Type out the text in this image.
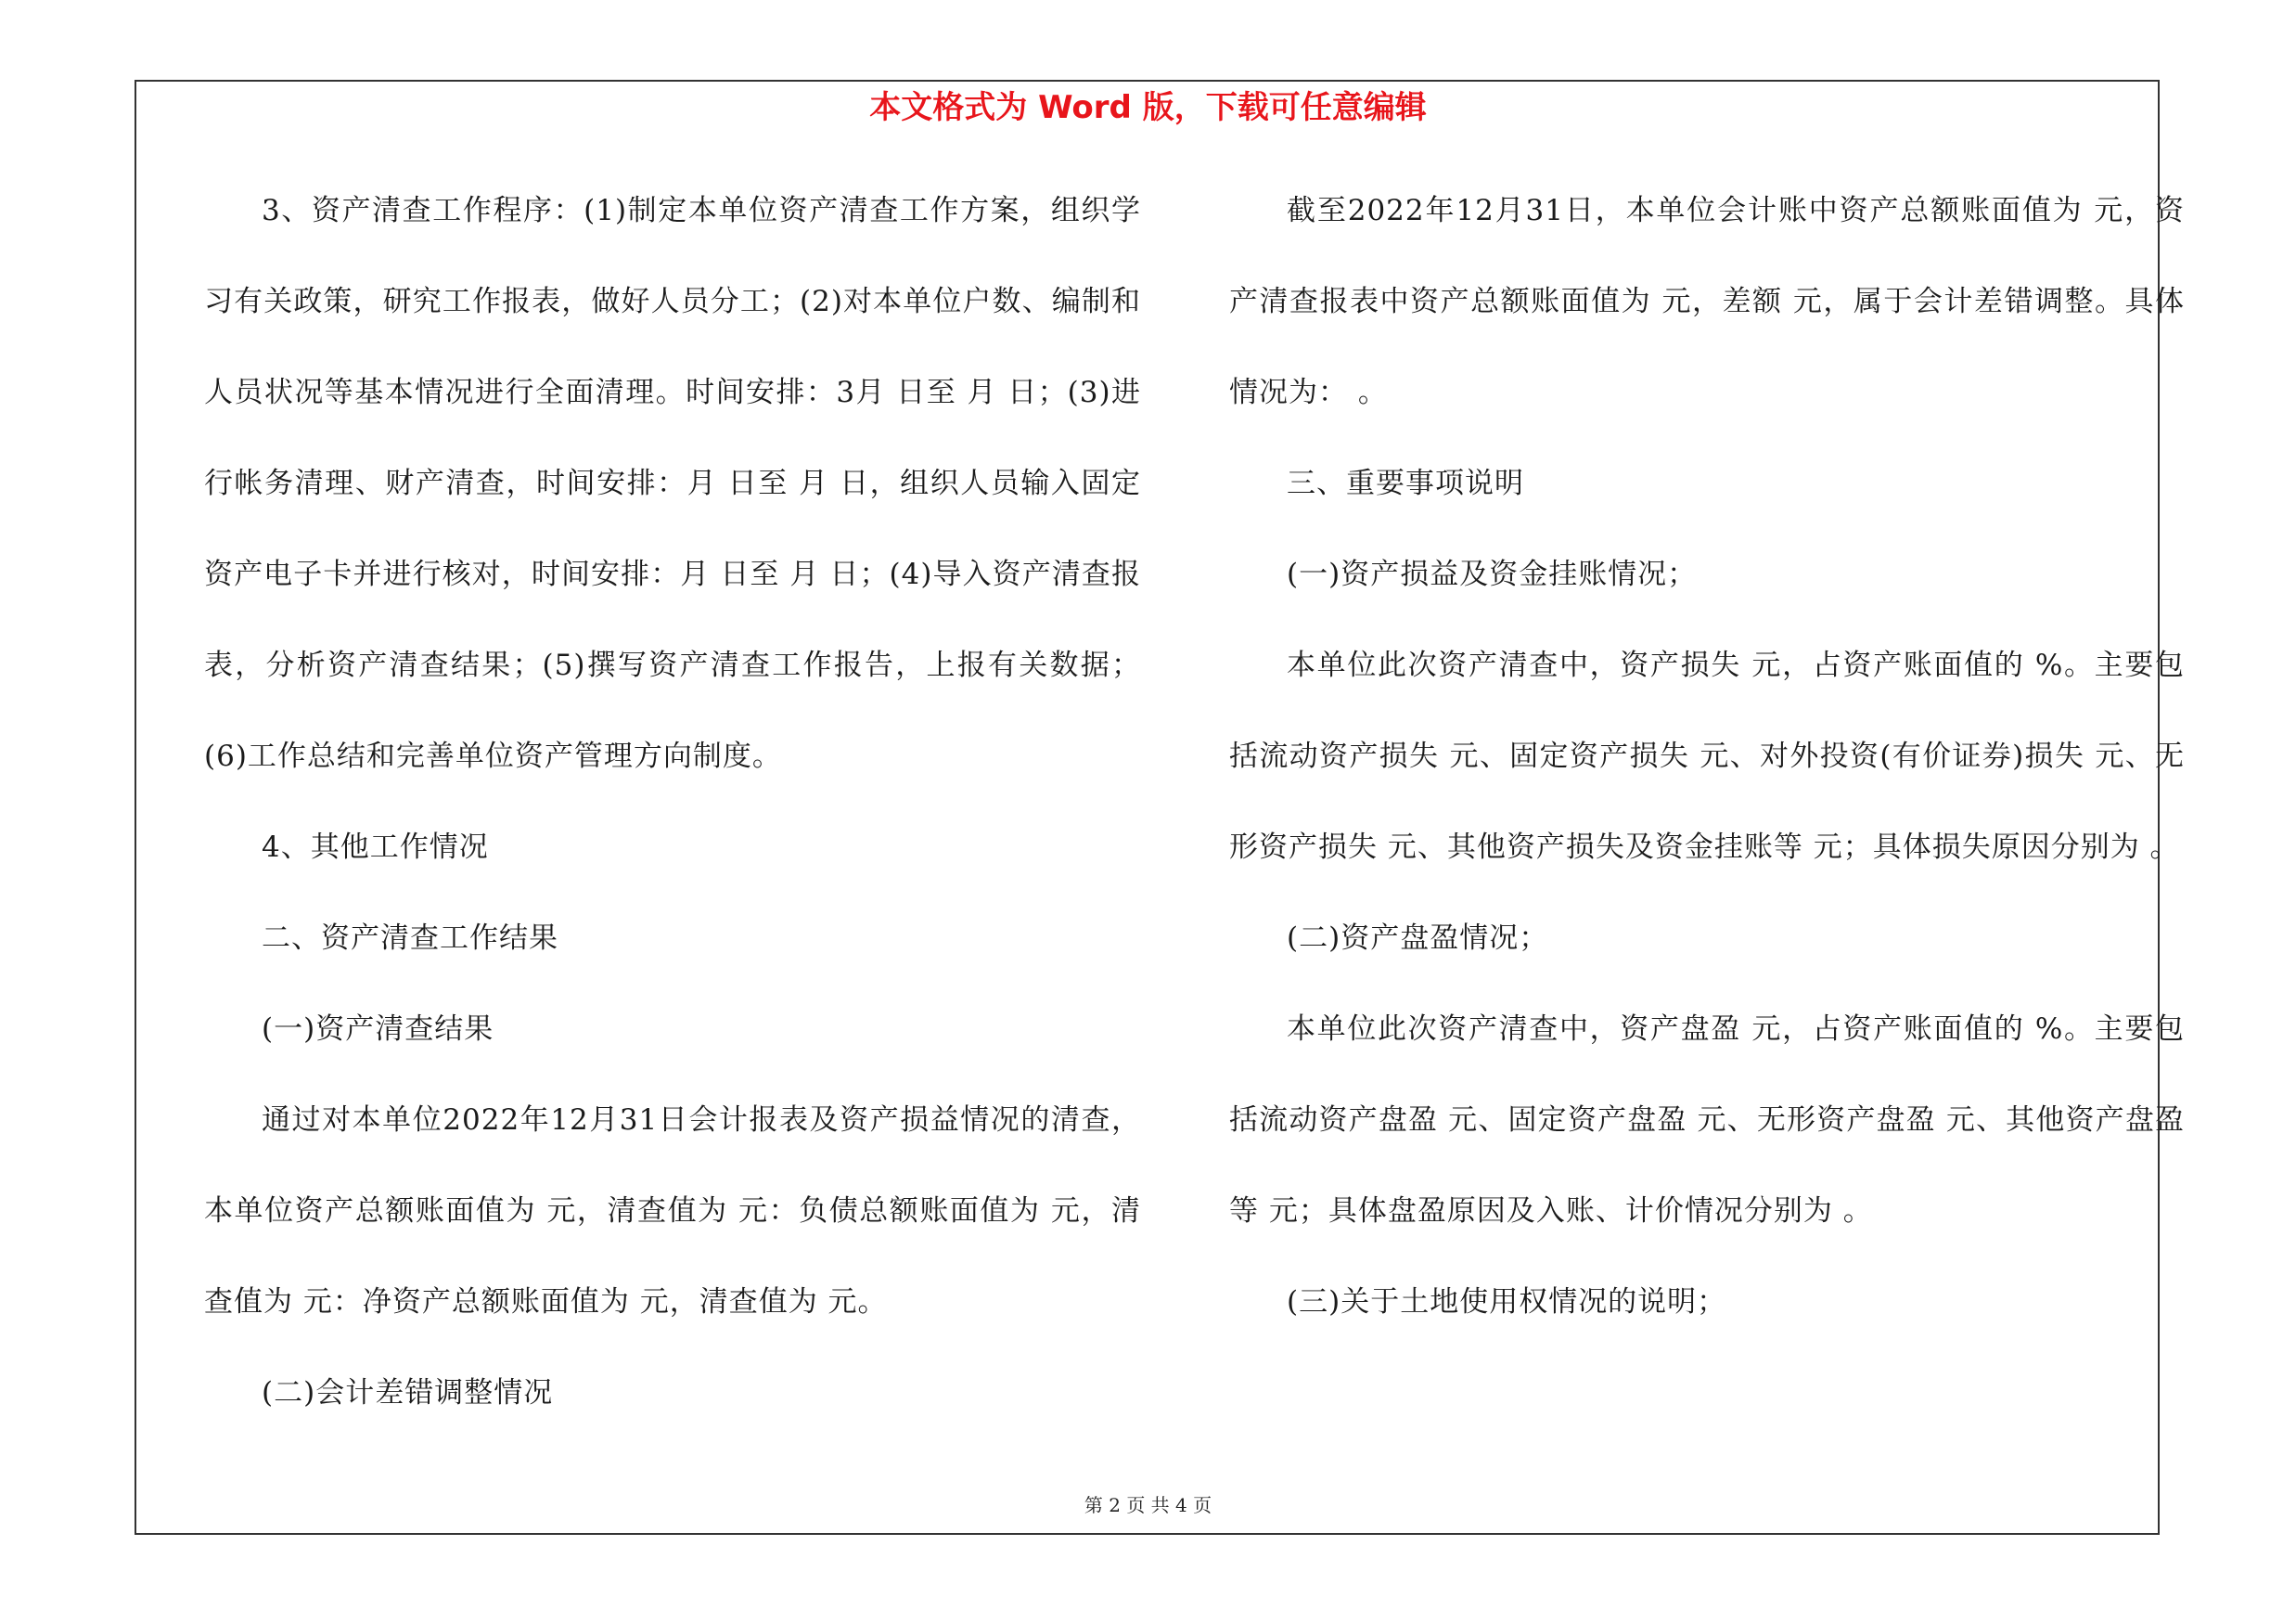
本文格式为 Word 版，下载可任意编辑

3、资产清查工作程序：(1)制定本单位资产清查工作方案，组织学习有关政策，研究工作报表，做好人员分工；(2)对本单位户数、编制和人员状况等基本情况进行全面清理。时间安排：3月 日至 月 日；(3)进行帐务清理、财产清查，时间安排：月 日至 月 日，组织人员输入固定资产电子卡并进行核对，时间安排：月 日至 月 日；(4)导入资产清查报表，分析资产清查结果；(5)撰写资产清查工作报告，上报有关数据；(6)工作总结和完善单位资产管理方向制度。

4、其他工作情况

二、资产清查工作结果

(一)资产清查结果

通过对本单位2022年12月31日会计报表及资产损益情况的清查，本单位资产总额账面值为 元，清查值为 元：负债总额账面值为 元，清查值为 元：净资产总额账面值为 元，清查值为 元。

(二)会计差错调整情况

截至2022年12月31日，本单位会计账中资产总额账面值为 元，资产清查报表中资产总额账面值为 元，差额 元，属于会计差错调整。具体情况为： 。

三、重要事项说明

(一)资产损益及资金挂账情况；

本单位此次资产清查中，资产损失 元，占资产账面值的 %。主要包括流动资产损失 元、固定资产损失 元、对外投资(有价证券)损失 元、无形资产损失 元、其他资产损失及资金挂账等 元；具体损失原因分别为 。

(二)资产盘盈情况；

本单位此次资产清查中，资产盘盈 元，占资产账面值的 %。主要包括流动资产盘盈 元、固定资产盘盈 元、无形资产盘盈 元、其他资产盘盈等 元；具体盘盈原因及入账、计价情况分别为 。

(三)关于土地使用权情况的说明；

第 2 页 共 4 页
